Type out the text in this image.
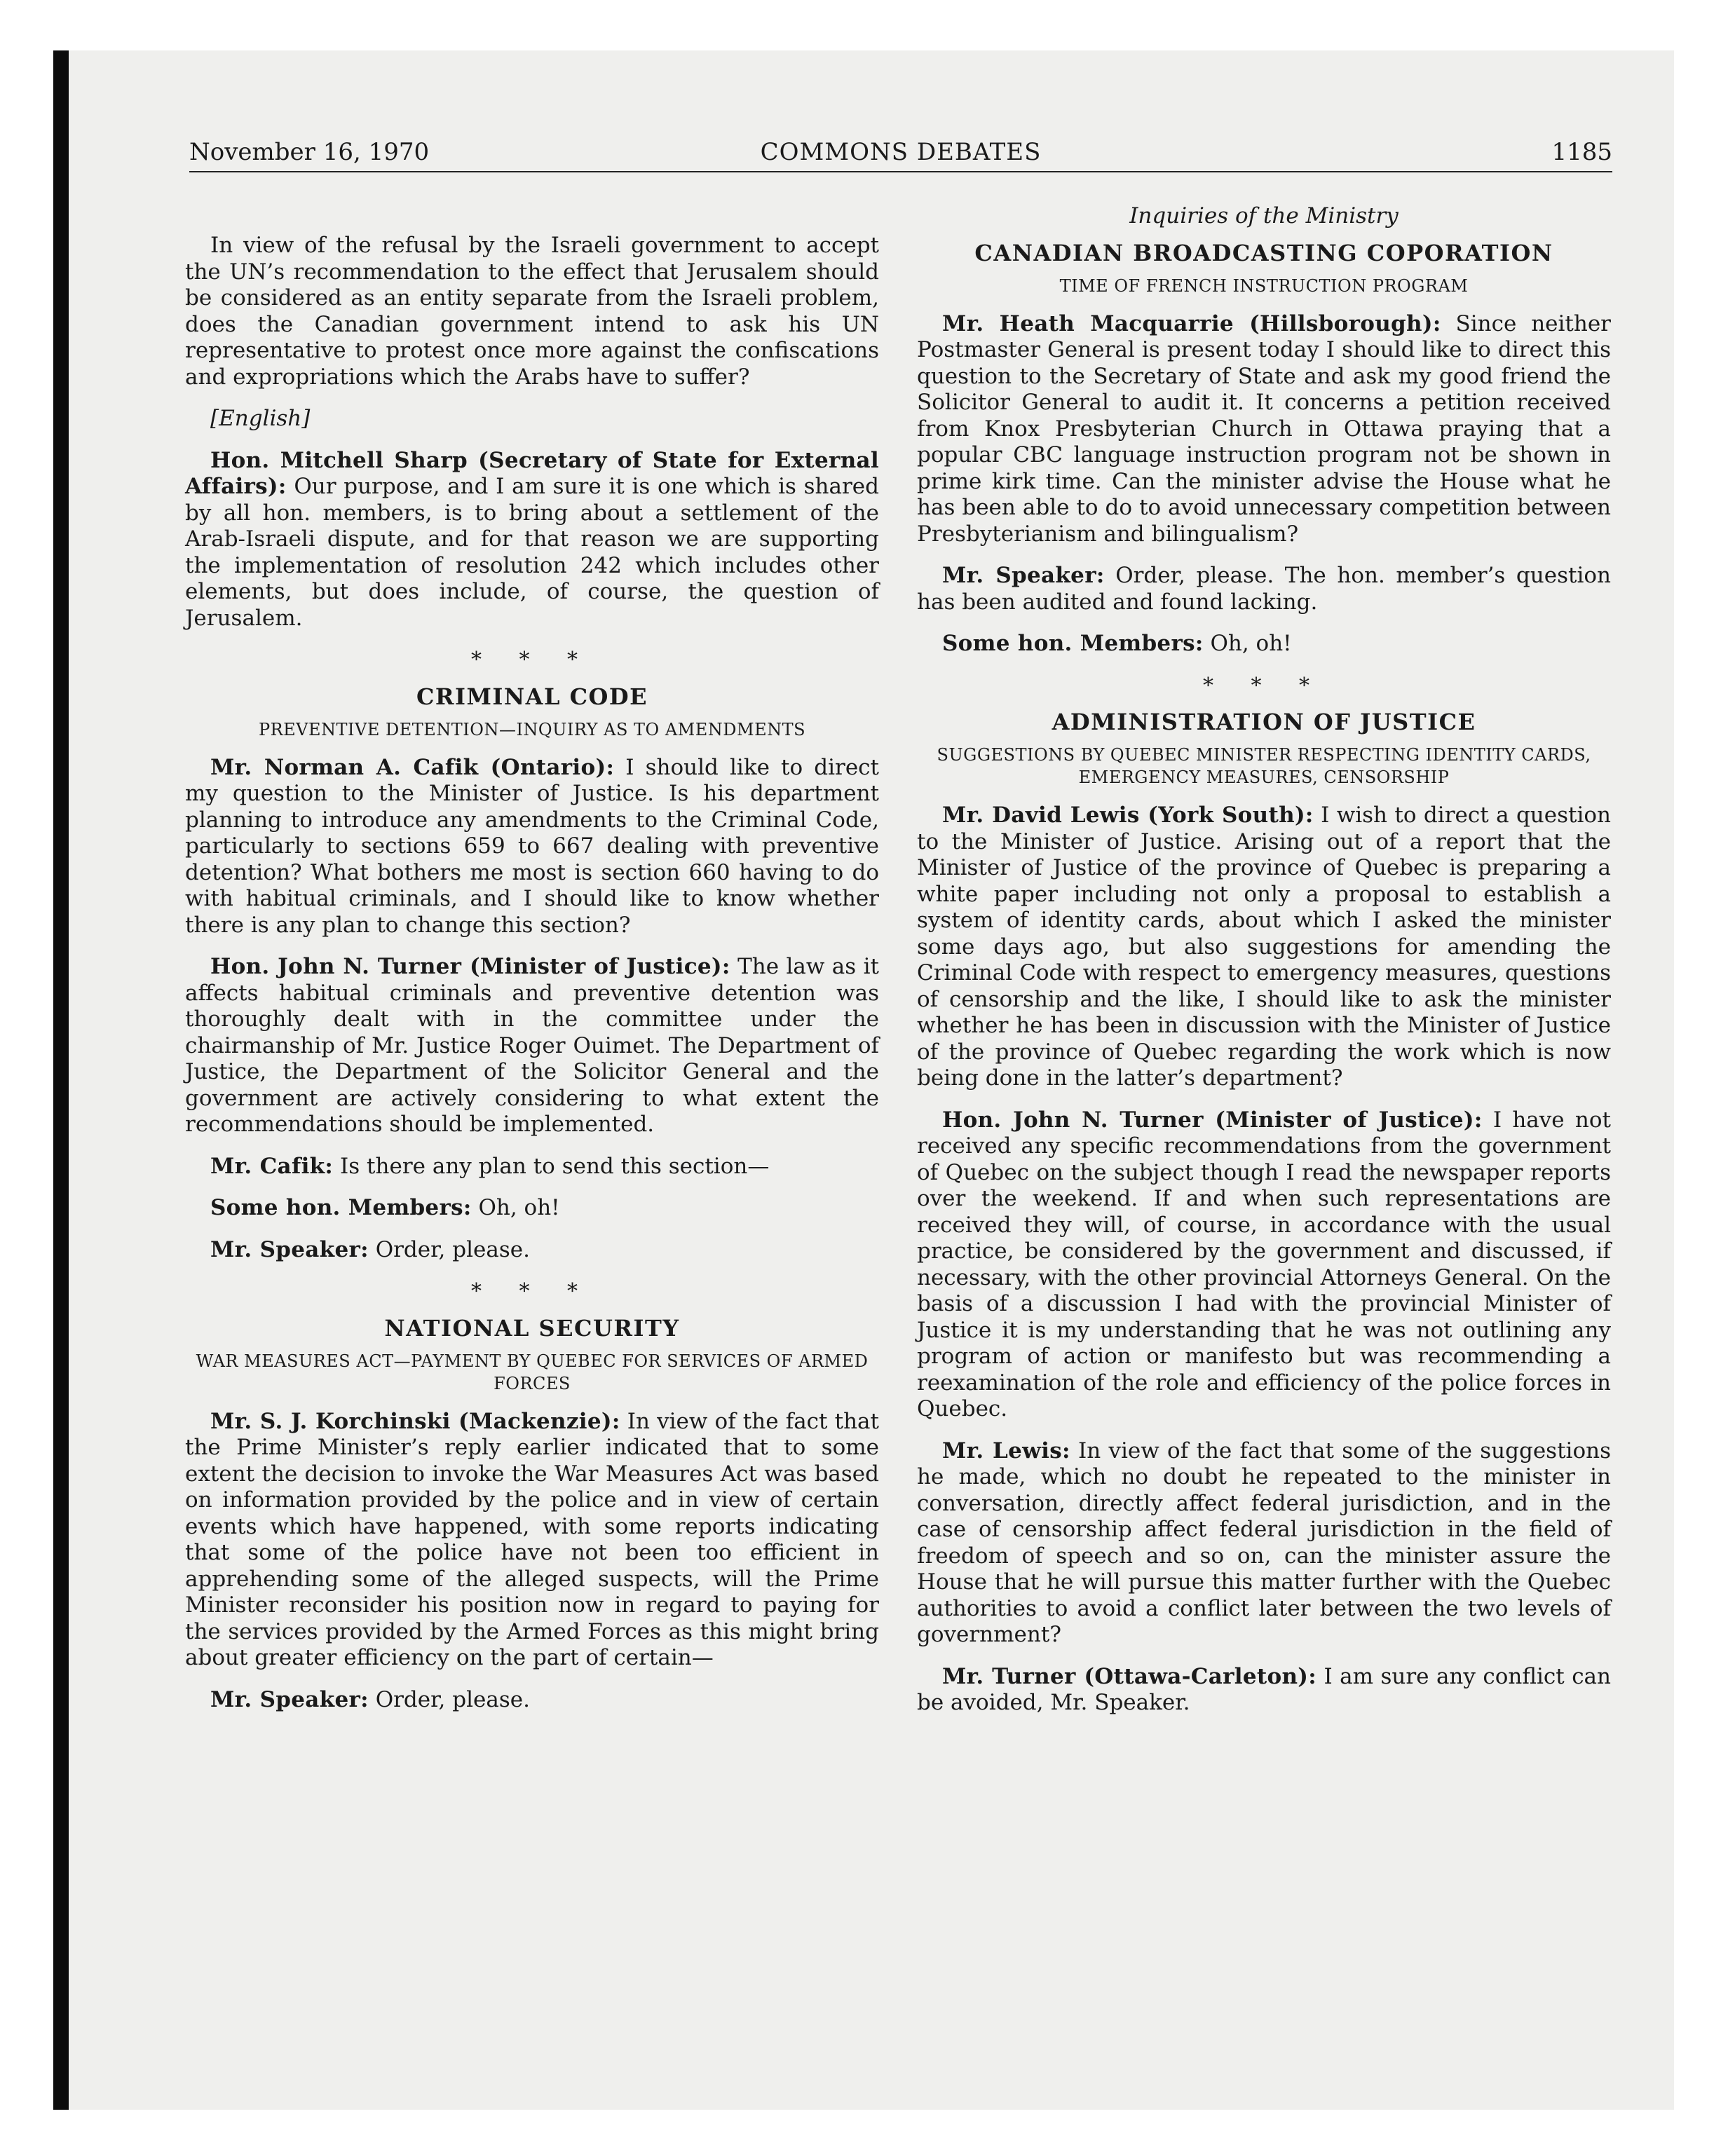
November 16, 1970	COMMONS DEBATES	1185

In view of the refusal by the Israeli government to accept the UN’s recommendation to the effect that Jerusalem should be considered as an entity separate from the Israeli problem, does the Canadian government intend to ask his UN representative to protest once more against the confiscations and expropriations which the Arabs have to suffer?

[English]

Hon. Mitchell Sharp (Secretary of State for External Affairs): Our purpose, and I am sure it is one which is shared by all hon. members, is to bring about a settlement of the Arab-Israeli dispute, and for that reason we are supporting the implementation of resolution 242 which includes other elements, but does include, of course, the question of Jerusalem.

* * *
CRIMINAL CODE
PREVENTIVE DETENTION—INQUIRY AS TO AMENDMENTS

Mr. Norman A. Cafik (Ontario): I should like to direct my question to the Minister of Justice. Is his department planning to introduce any amendments to the Criminal Code, particularly to sections 659 to 667 dealing with preventive detention? What bothers me most is section 660 having to do with habitual criminals, and I should like to know whether there is any plan to change this section?

Hon. John N. Turner (Minister of Justice): The law as it affects habitual criminals and preventive detention was thoroughly dealt with in the committee under the chairmanship of Mr. Justice Roger Ouimet. The Department of Justice, the Department of the Solicitor General and the government are actively considering to what extent the recommendations should be implemented.

Mr. Cafik: Is there any plan to send this section—

Some hon. Members: Oh, oh!

Mr. Speaker: Order, please.

* * *
NATIONAL SECURITY
WAR MEASURES ACT—PAYMENT BY QUEBEC FOR SERVICES OF ARMED FORCES

Mr. S. J. Korchinski (Mackenzie): In view of the fact that the Prime Minister’s reply earlier indicated that to some extent the decision to invoke the War Measures Act was based on information provided by the police and in view of certain events which have happened, with some reports indicating that some of the police have not been too efficient in apprehending some of the alleged suspects, will the Prime Minister reconsider his position now in regard to paying for the services provided by the Armed Forces as this might bring about greater efficiency on the part of certain—

Mr. Speaker: Order, please.

Inquiries of the Ministry
CANADIAN BROADCASTING COPORATION
TIME OF FRENCH INSTRUCTION PROGRAM

Mr. Heath Macquarrie (Hillsborough): Since neither Postmaster General is present today I should like to direct this question to the Secretary of State and ask my good friend the Solicitor General to audit it. It concerns a petition received from Knox Presbyterian Church in Ottawa praying that a popular CBC language instruction program not be shown in prime kirk time. Can the minister advise the House what he has been able to do to avoid unnecessary competition between Presbyterianism and bilingualism?

Mr. Speaker: Order, please. The hon. member’s question has been audited and found lacking.

Some hon. Members: Oh, oh!

* * *
ADMINISTRATION OF JUSTICE
SUGGESTIONS BY QUEBEC MINISTER RESPECTING IDENTITY CARDS, EMERGENCY MEASURES, CENSORSHIP

Mr. David Lewis (York South): I wish to direct a question to the Minister of Justice. Arising out of a report that the Minister of Justice of the province of Quebec is preparing a white paper including not only a proposal to establish a system of identity cards, about which I asked the minister some days ago, but also suggestions for amending the Criminal Code with respect to emergency measures, questions of censorship and the like, I should like to ask the minister whether he has been in discussion with the Minister of Justice of the province of Quebec regarding the work which is now being done in the latter’s department?

Hon. John N. Turner (Minister of Justice): I have not received any specific recommendations from the government of Quebec on the subject though I read the newspaper reports over the weekend. If and when such representations are received they will, of course, in accordance with the usual practice, be considered by the government and discussed, if necessary, with the other provincial Attorneys General. On the basis of a discussion I had with the provincial Minister of Justice it is my understanding that he was not outlining any program of action or manifesto but was recommending a reexamination of the role and efficiency of the police forces in Quebec.

Mr. Lewis: In view of the fact that some of the suggestions he made, which no doubt he repeated to the minister in conversation, directly affect federal jurisdiction, and in the case of censorship affect federal jurisdiction in the field of freedom of speech and so on, can the minister assure the House that he will pursue this matter further with the Quebec authorities to avoid a conflict later between the two levels of government?

Mr. Turner (Ottawa-Carleton): I am sure any conflict can be avoided, Mr. Speaker.
